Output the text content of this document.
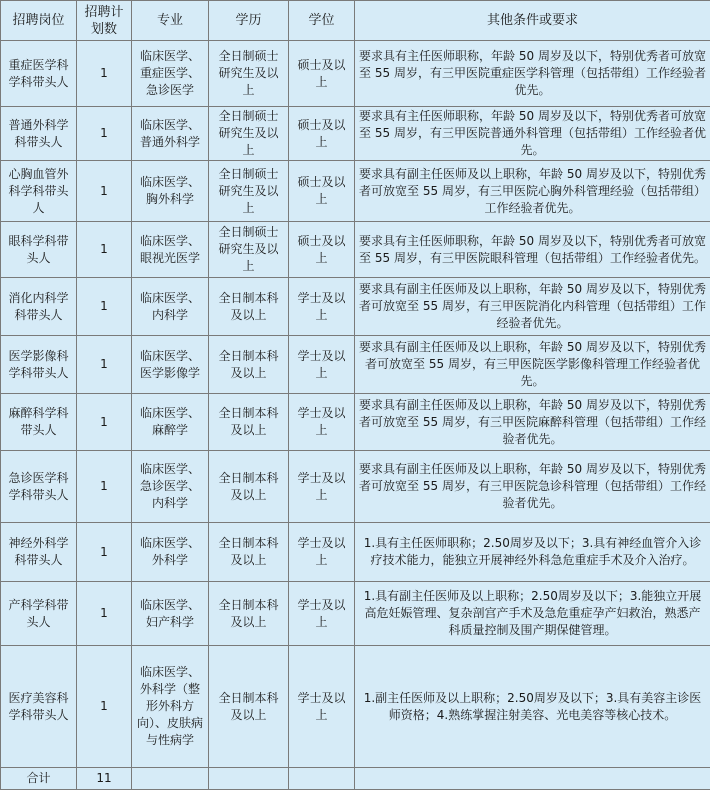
招聘岗位	招聘计划数	专业	学历	学位	其他条件或要求
重症医学科学科带头人	1	临床医学、重症医学、急诊医学	全日制硕士研究生及以上	硕士及以上	要求具有主任医师职称，年龄 50 周岁及以下，特别优秀者可放宽至 55 周岁，有三甲医院重症医学科管理（包括带组）工作经验者优先。
普通外科学科带头人	1	临床医学、普通外科学	全日制硕士研究生及以上	硕士及以上	要求具有主任医师职称，年龄 50 周岁及以下，特别优秀者可放宽至 55 周岁，有三甲医院普通外科管理（包括带组）工作经验者优先。
心胸血管外科学科带头人	1	临床医学、胸外科学	全日制硕士研究生及以上	硕士及以上	要求具有副主任医师及以上职称，年龄 50 周岁及以下，特别优秀者可放宽至 55 周岁，有三甲医院心胸外科管理经验（包括带组）工作经验者优先。
眼科学科带头人	1	临床医学、眼视光医学	全日制硕士研究生及以上	硕士及以上	要求具有主任医师职称，年龄 50 周岁及以下，特别优秀者可放宽至 55 周岁，有三甲医院眼科管理（包括带组）工作经验者优先。
消化内科学科带头人	1	临床医学、内科学	全日制本科及以上	学士及以上	要求具有副主任医师及以上职称，年龄 50 周岁及以下，特别优秀者可放宽至 55 周岁，有三甲医院消化内科管理（包括带组）工作经验者优先。
医学影像科学科带头人	1	临床医学、医学影像学	全日制本科及以上	学士及以上	要求具有副主任医师及以上职称，年龄 50 周岁及以下，特别优秀者可放宽至 55 周岁，有三甲医院医学影像科管理工作经验者优先。
麻醉科学科带头人	1	临床医学、麻醉学	全日制本科及以上	学士及以上	要求具有副主任医师及以上职称，年龄 50 周岁及以下，特别优秀者可放宽至 55 周岁，有三甲医院麻醉科管理（包括带组）工作经验者优先。
急诊医学科学科带头人	1	临床医学、急诊医学、内科学	全日制本科及以上	学士及以上	要求具有副主任医师及以上职称，年龄 50 周岁及以下，特别优秀者可放宽至 55 周岁，有三甲医院急诊科管理（包括带组）工作经验者优先。
神经外科学科带头人	1	临床医学、外科学	全日制本科及以上	学士及以上	1.具有主任医师职称；2.50周岁及以下；3.具有神经血管介入诊疗技术能力，能独立开展神经外科急危重症手术及介入治疗。
产科学科带头人	1	临床医学、妇产科学	全日制本科及以上	学士及以上	1.具有副主任医师及以上职称；2.50周岁及以下；3.能独立开展高危妊娠管理、复杂剖宫产手术及急危重症孕产妇救治，熟悉产科质量控制及围产期保健管理。
医疗美容科学科带头人	1	临床医学、外科学（整形外科方向）、皮肤病与性病学	全日制本科及以上	学士及以上	1.副主任医师及以上职称；2.50周岁及以下；3.具有美容主诊医师资格；4.熟练掌握注射美容、光电美容等核心技术。
合计	11				
